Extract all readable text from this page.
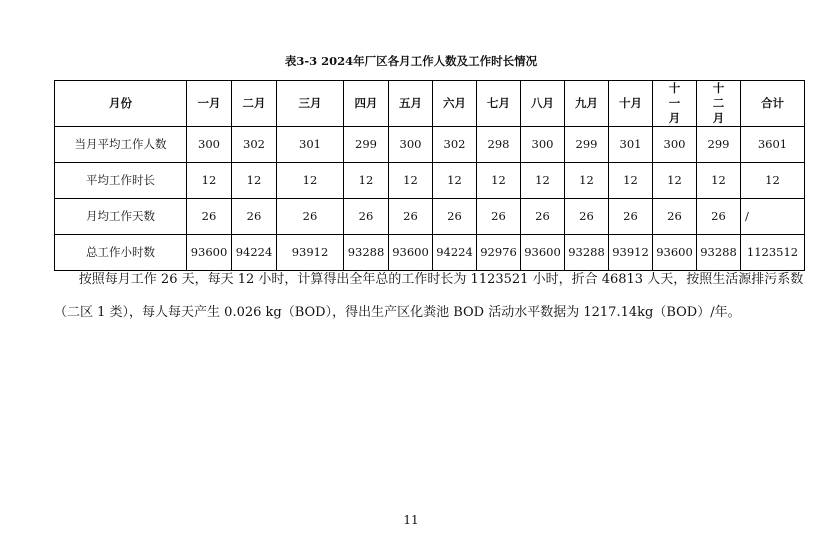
表3-3 2024年厂区各月工作人数及工作时长情况
月份	一月	二月	三月	四月	五月	六月	七月	八月	九月	十月	十一月	十二月	合计
当月平均工作人数	300	302	301	299	300	302	298	300	299	301	300	299	3601
平均工作时长	12	12	12	12	12	12	12	12	12	12	12	12	12
月均工作天数	26	26	26	26	26	26	26	26	26	26	26	26	/
总工作小时数	93600	94224	93912	93288	93600	94224	92976	93600	93288	93912	93600	93288	1123512

按照每月工作 26 天，每天 12 小时，计算得出全年总的工作时长为 1123521 小时，折合 46813 人天，按照生活源排污系数（二区 1 类），每人每天产生 0.026 kg（BOD），得出生产区化粪池 BOD 活动水平数据为 1217.14kg（BOD）/年。

11
